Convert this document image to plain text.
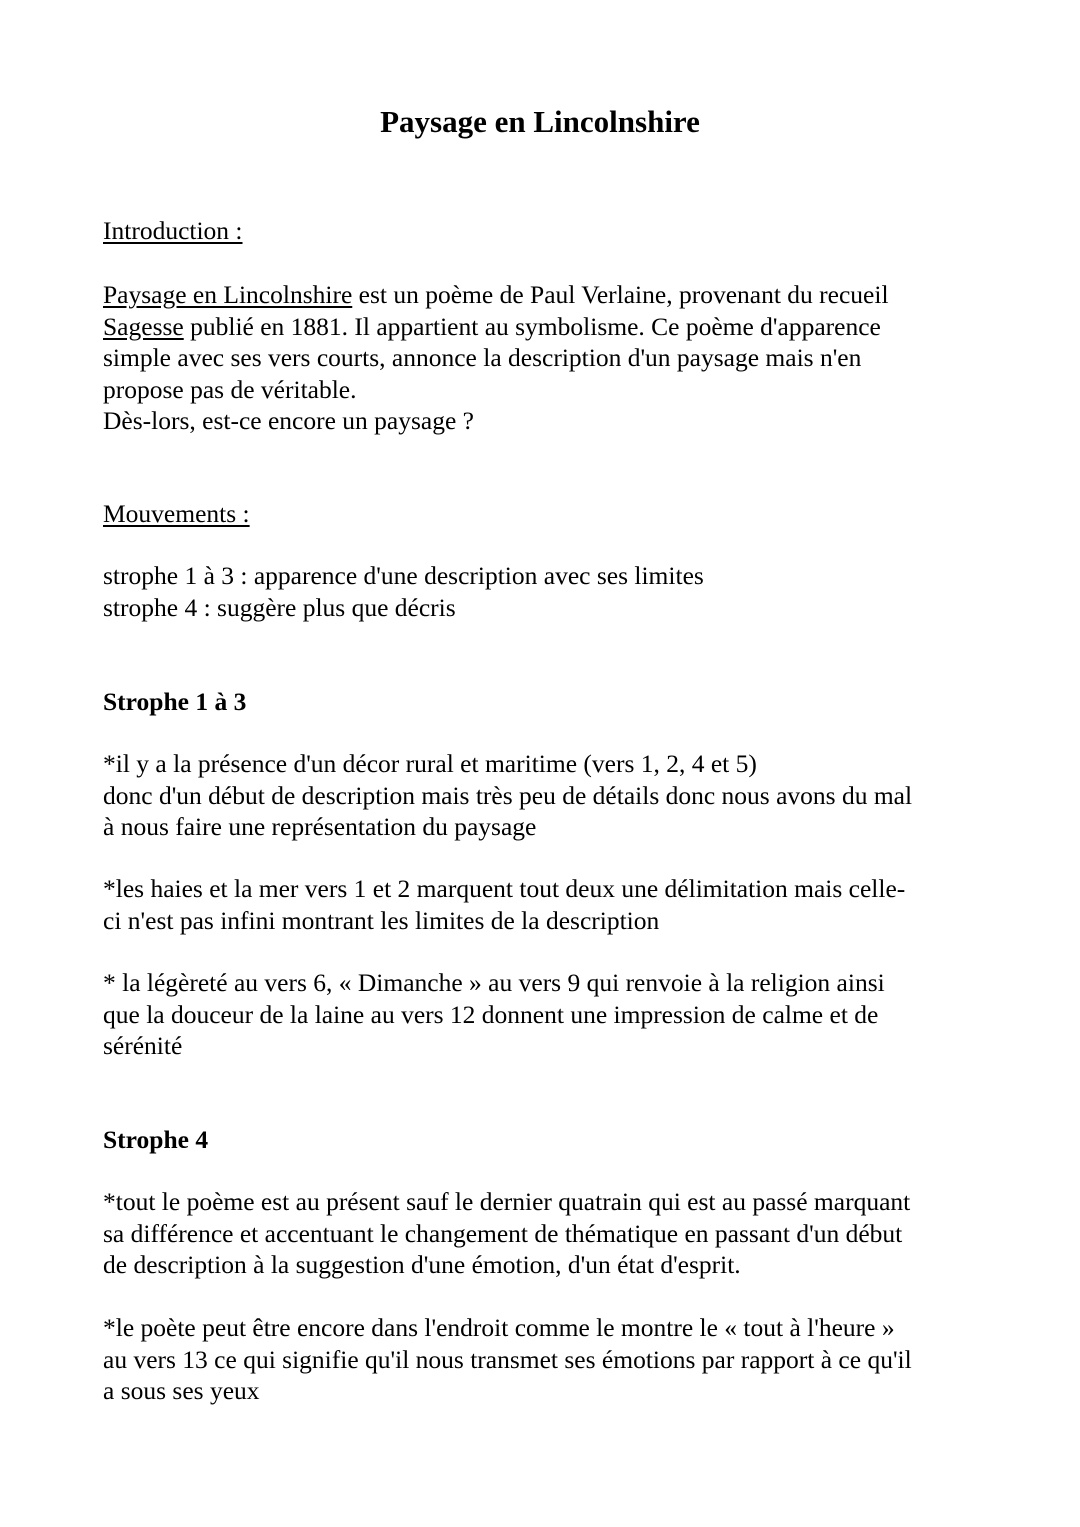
Paysage en Lincolnshire
Introduction :
Paysage en Lincolnshire est un poème de Paul Verlaine, provenant du recueil
Sagesse publié en 1881. Il appartient au symbolisme. Ce poème d'apparence
simple avec ses vers courts, annonce la description d'un paysage mais n'en
propose pas de véritable.
Dès-lors, est-ce encore un paysage ?
Mouvements :
strophe 1 à 3 : apparence d'une description avec ses limites
strophe 4 : suggère plus que décris
Strophe 1 à 3
*il y a la présence d'un décor rural et maritime (vers 1, 2, 4 et 5)
donc d'un début de description mais très peu de détails donc nous avons du mal
à nous faire une représentation du paysage
*les haies et la mer vers 1 et 2 marquent tout deux une délimitation mais celle-
ci n'est pas infini montrant les limites de la description
* la légèreté au vers 6, « Dimanche » au vers 9 qui renvoie à la religion ainsi
que la douceur de la laine au vers 12 donnent une impression de calme et de
sérénité
Strophe 4
*tout le poème est au présent sauf le dernier quatrain qui est au passé marquant
sa différence et accentuant le changement de thématique en passant d'un début
de description à la suggestion d'une émotion, d'un état d'esprit.
*le poète peut être encore dans l'endroit comme le montre le « tout à l'heure »
au vers 13 ce qui signifie qu'il nous transmet ses émotions par rapport à ce qu'il
a sous ses yeux
